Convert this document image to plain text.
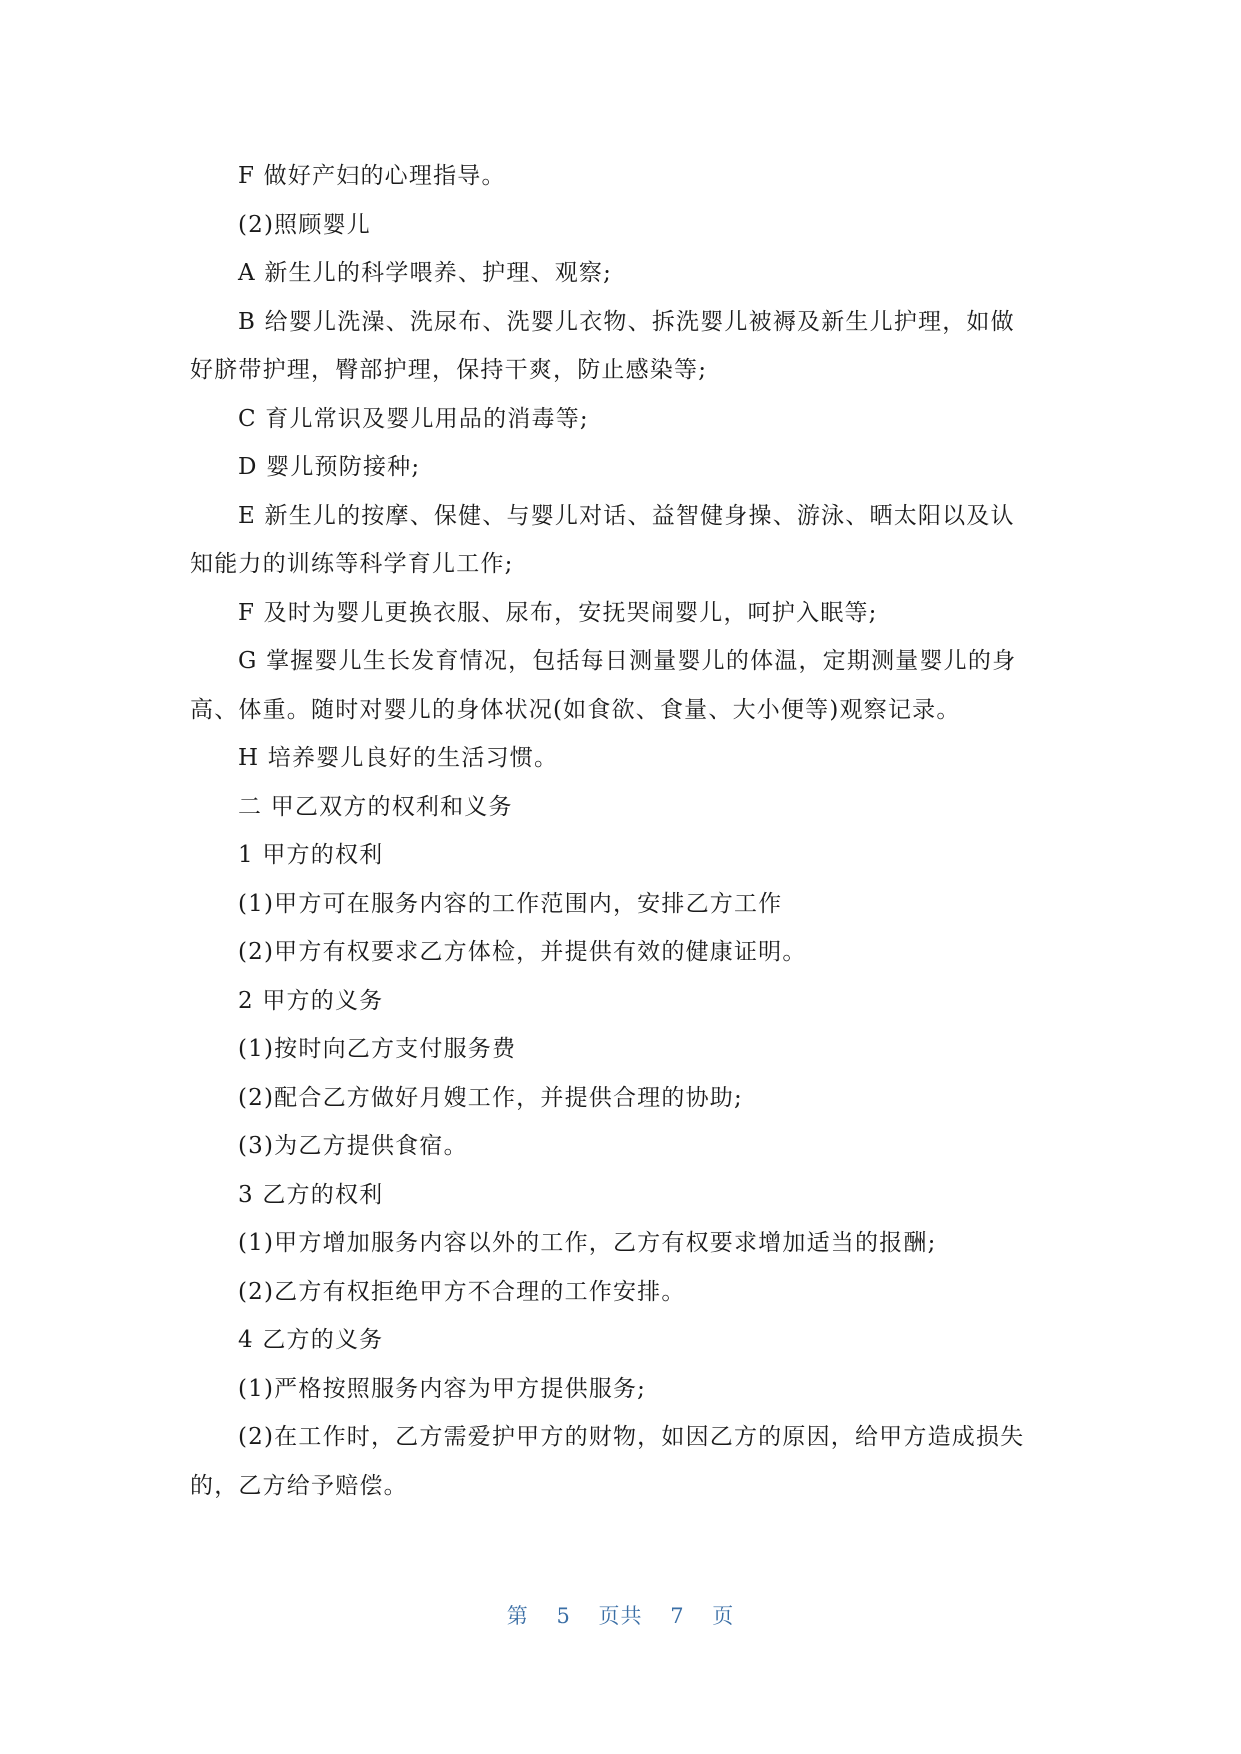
F 做好产妇的心理指导。

(2)照顾婴儿

A 新生儿的科学喂养、护理、观察;

B 给婴儿洗澡、洗尿布、洗婴儿衣物、拆洗婴儿被褥及新生儿护理，如做

好脐带护理，臀部护理，保持干爽，防止感染等;

C 育儿常识及婴儿用品的消毒等;

D 婴儿预防接种;

E 新生儿的按摩、保健、与婴儿对话、益智健身操、游泳、晒太阳以及认

知能力的训练等科学育儿工作;

F 及时为婴儿更换衣服、尿布，安抚哭闹婴儿，呵护入眠等;

G 掌握婴儿生长发育情况，包括每日测量婴儿的体温，定期测量婴儿的身

高、体重。随时对婴儿的身体状况(如食欲、食量、大小便等)观察记录。

H 培养婴儿良好的生活习惯。

二 甲乙双方的权利和义务

1 甲方的权利

(1)甲方可在服务内容的工作范围内，安排乙方工作

(2)甲方有权要求乙方体检，并提供有效的健康证明。

2 甲方的义务

(1)按时向乙方支付服务费

(2)配合乙方做好月嫂工作，并提供合理的协助;

(3)为乙方提供食宿。

3 乙方的权利

(1)甲方增加服务内容以外的工作，乙方有权要求增加适当的报酬;

(2)乙方有权拒绝甲方不合理的工作安排。

4 乙方的义务

(1)严格按照服务内容为甲方提供服务;

(2)在工作时，乙方需爱护甲方的财物，如因乙方的原因，给甲方造成损失

的，乙方给予赔偿。

第 5 页共 7 页
